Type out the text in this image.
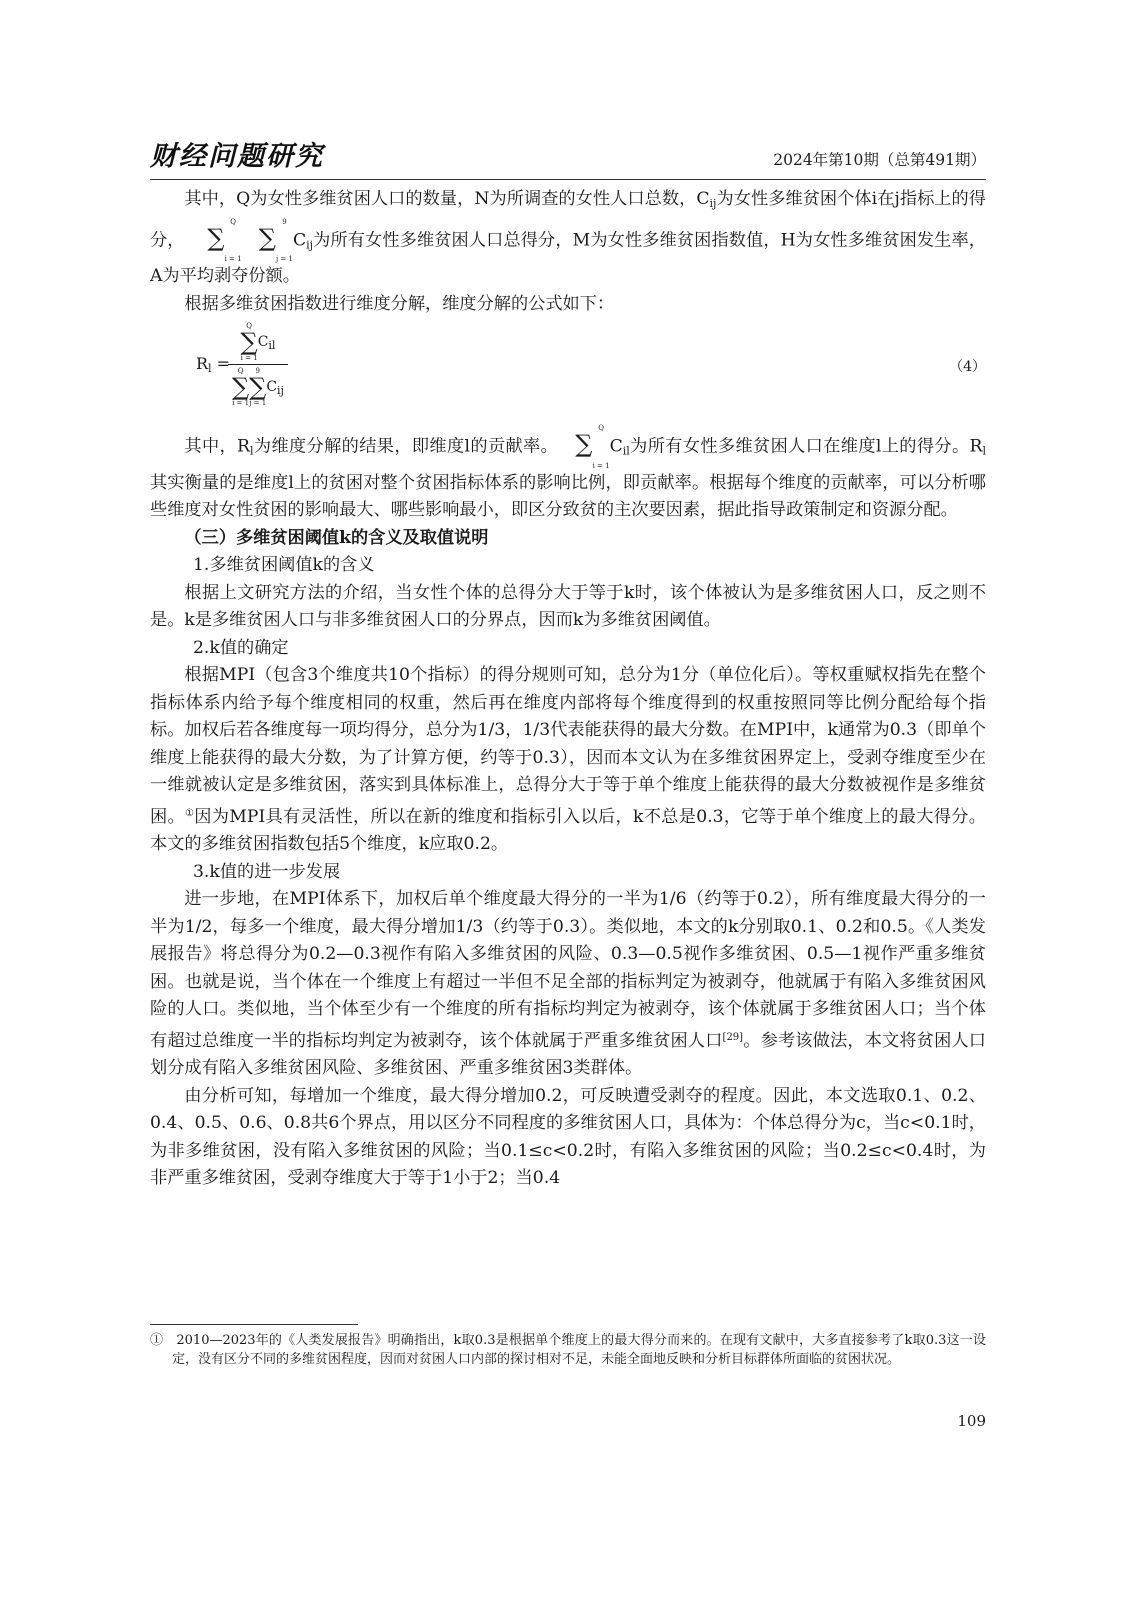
财经问题研究	2024年第10期（总第491期）

其中，Q为女性多维贫困人口的数量，N为所调查的女性人口总数，Cij为女性多维贫困个体i在j指标上的得分，
Q
∑
i = 1
9
∑
j = 1
Cij为所有女性多维贫困人口总得分，M为女性多维贫困指数值，H为女性多维贫困发生率，A为平均剥夺份额。

根据多维贫困指数进行维度分解，维度分解的公式如下：

Rl =
Q
∑
i = 1
$C_{il}$
Q
∑
i = 1
9
∑
j = 1
$C_{ij}$
（4）

其中，Rl为维度分解的结果，即维度l的贡献率。
Q
∑
i = 1
Cil为所有女性多维贫困人口在维度l上的得分。Rl其实衡量的是维度l上的贫困对整个贫困指标体系的影响比例，即贡献率。根据每个维度的贡献率，可以分析哪些维度对女性贫困的影响最大、哪些影响最小，即区分致贫的主次要因素，据此指导政策制定和资源分配。

（三）多维贫困阈值k的含义及取值说明
1.多维贫困阈值k的含义

根据上文研究方法的介绍，当女性个体的总得分大于等于k时，该个体被认为是多维贫困人口，反之则不是。k是多维贫困人口与非多维贫困人口的分界点，因而k为多维贫困阈值。

2.k值的确定

根据MPI（包含3个维度共10个指标）的得分规则可知，总分为1分（单位化后）。等权重赋权指先在整个指标体系内给予每个维度相同的权重，然后再在维度内部将每个维度得到的权重按照同等比例分配给每个指标。加权后若各维度每一项均得分，总分为1/3，1/3代表能获得的最大分数。在MPI中，k通常为0.3（即单个维度上能获得的最大分数，为了计算方便，约等于0.3），因而本文认为在多维贫困界定上，受剥夺维度至少在一维就被认定是多维贫困，落实到具体标准上，总得分大于等于单个维度上能获得的最大分数被视作是多维贫困。①因为MPI具有灵活性，所以在新的维度和指标引入以后，k不总是0.3，它等于单个维度上的最大得分。本文的多维贫困指数包括5个维度，k应取0.2。

3.k值的进一步发展

进一步地，在MPI体系下，加权后单个维度最大得分的一半为1/6（约等于0.2），所有维度最大得分的一半为1/2，每多一个维度，最大得分增加1/3（约等于0.3）。类似地，本文的k分别取0.1、0.2和0.5。《人类发展报告》将总得分为0.2—0.3视作有陷入多维贫困的风险、0.3—0.5视作多维贫困、0.5—1视作严重多维贫困。也就是说，当个体在一个维度上有超过一半但不足全部的指标判定为被剥夺，他就属于有陷入多维贫困风险的人口。类似地，当个体至少有一个维度的所有指标均判定为被剥夺，该个体就属于多维贫困人口；当个体有超过总维度一半的指标均判定为被剥夺，该个体就属于严重多维贫困人口[29]。参考该做法，本文将贫困人口划分成有陷入多维贫困风险、多维贫困、严重多维贫困3类群体。

由分析可知，每增加一个维度，最大得分增加0.2，可反映遭受剥夺的程度。因此，本文选取0.1、0.2、0.4、0.5、0.6、0.8共6个界点，用以区分不同程度的多维贫困人口，具体为：个体总得分为c，当c<0.1时，为非多维贫困，没有陷入多维贫困的风险；当0.1≤c<0.2时，有陷入多维贫困的风险；当0.2≤c<0.4时，为非严重多维贫困，受剥夺维度大于等于1小于2；当0.4

①　2010—2023年的《人类发展报告》明确指出，k取0.3是根据单个维度上的最大得分而来的。在现有文献中，大多直接参考了k取0.3这一设定，没有区分不同的多维贫困程度，因而对贫困人口内部的探讨相对不足，未能全面地反映和分析目标群体所面临的贫困状况。
109
